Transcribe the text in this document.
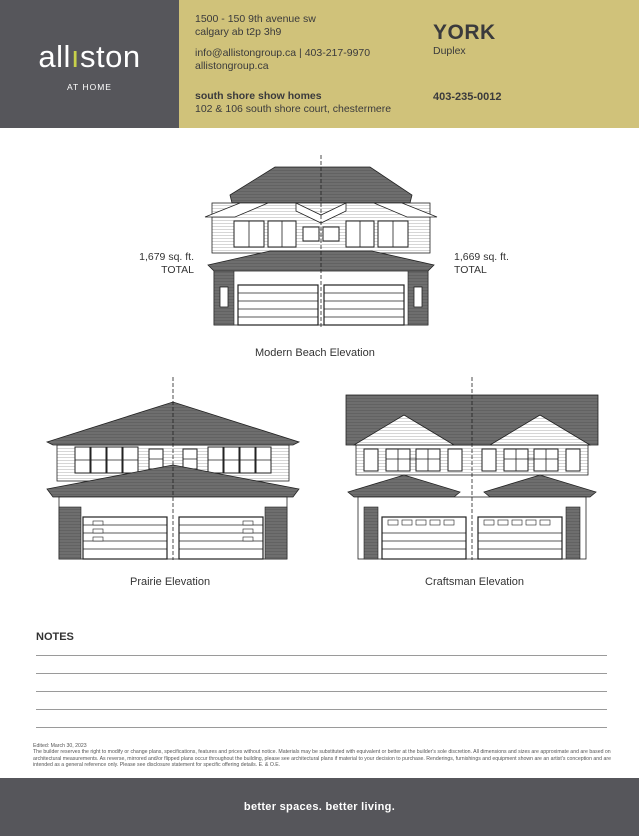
allıston
AT HOME
1500 - 150 9th avenue sw
calgary ab t2p 3h9
info@allistongroup.ca | 403-217-9970
allistongroup.ca
south shore show homes
102 & 106 south shore court, chestermere
YORK
Duplex
403-235-0012
1,679 sq. ft.
TOTAL
1,669 sq. ft.
TOTAL
Modern Beach Elevation
Prairie Elevation	Craftsman Elevation
NOTES
Edited: March 30, 2023
The builder reserves the right to modify or change plans, specifications, features and prices without notice. Materials may be substituted with equivalent or better at the builder's sole discretion. All dimensions and sizes are approximate and are based on architectural measurements. As reverse, mirrored and/or flipped plans occur throughout the building, please see architectural plans if material to your decision to purchase. Renderings, furnishings and equipment shown are an artist's conception and are intended as a general reference only. Please see disclosure statement for specific offering details. E. & O.E.
better spaces. better living.
